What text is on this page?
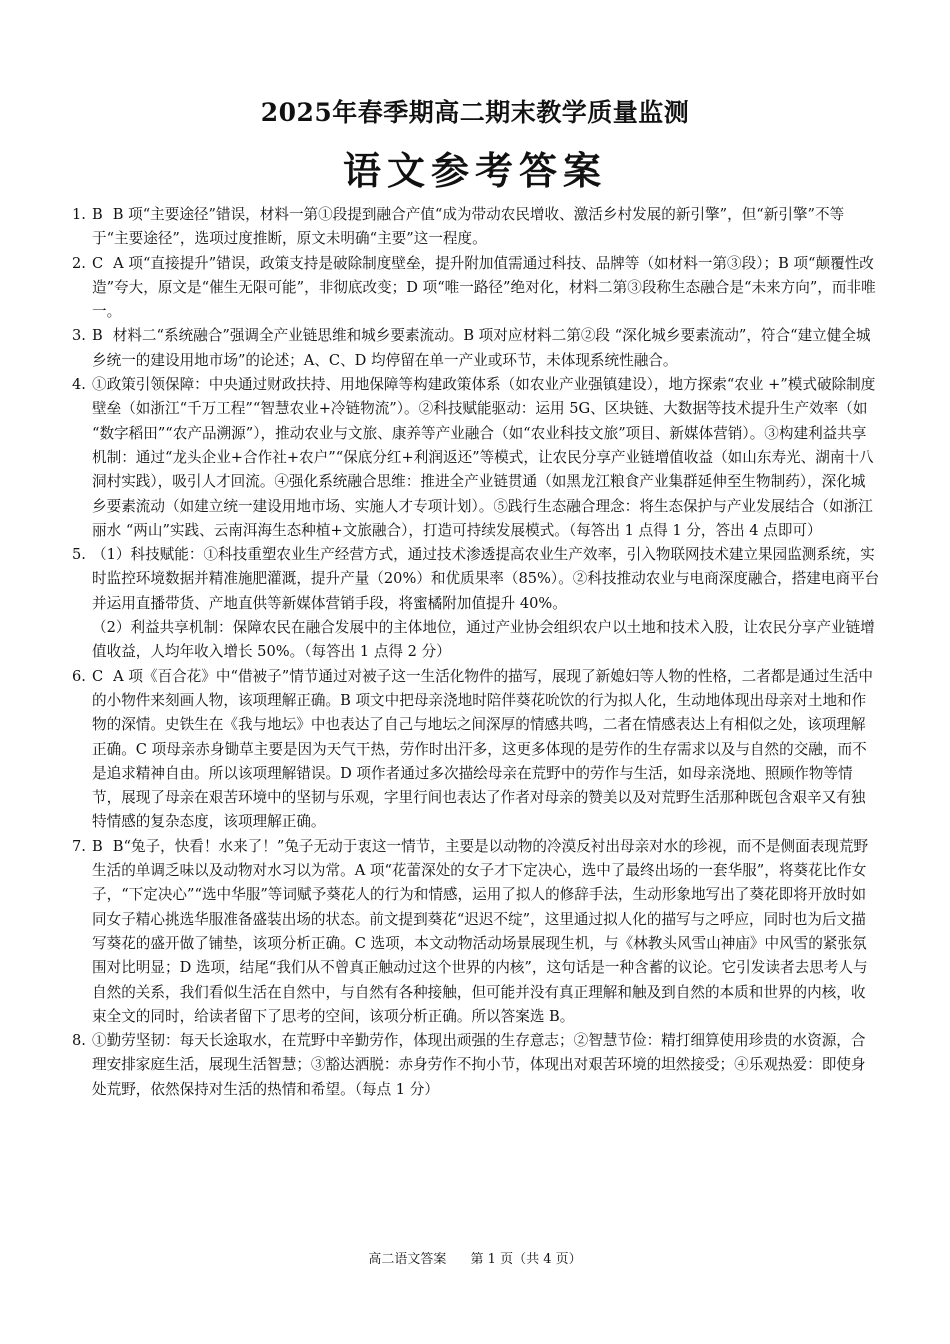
2025年春季期高二期末教学质量监测
语文参考答案

1. B B 项“主要途径”错误，材料一第①段提到融合产值“成为带动农民增收、激活乡村发展的新引擎”，但“新引擎”不等于“主要途径”，选项过度推断，原文未明确“主要”这一程度。

2. C A 项“直接提升”错误，政策支持是破除制度壁垒，提升附加值需通过科技、品牌等（如材料一第③段）；B 项“颠覆性改造”夸大，原文是“催生无限可能”，非彻底改变；D 项“唯一路径”绝对化，材料二第③段称生态融合是“未来方向”，而非唯一。

3. B 材料二“系统融合”强调全产业链思维和城乡要素流动。B 项对应材料二第②段 “深化城乡要素流动”，符合“建立健全城乡统一的建设用地市场”的论述；A、C、D 均停留在单一产业或环节，未体现系统性融合。

4. ①政策引领保障：中央通过财政扶持、用地保障等构建政策体系（如农业产业强镇建设），地方探索“农业 +”模式破除制度壁垒（如浙江“千万工程”“智慧农业+冷链物流”）。②科技赋能驱动：运用 5G、区块链、大数据等技术提升生产效率（如 “数字稻田”“农产品溯源”），推动农业与文旅、康养等产业融合（如“农业科技文旅”项目、新媒体营销）。③构建利益共享机制：通过“龙头企业+合作社+农户”“保底分红+利润返还”等模式，让农民分享产业链增值收益（如山东寿光、湖南十八洞村实践），吸引人才回流。④强化系统融合思维：推进全产业链贯通（如黑龙江粮食产业集群延伸至生物制药），深化城乡要素流动（如建立统一建设用地市场、实施人才专项计划）。⑤践行生态融合理念：将生态保护与产业发展结合（如浙江丽水 “两山”实践、云南洱海生态种植+文旅融合），打造可持续发展模式。（每答出 1 点得 1 分，答出 4 点即可）

5. （1）科技赋能：①科技重塑农业生产经营方式，通过技术渗透提高农业生产效率，引入物联网技术建立果园监测系统，实时监控环境数据并精准施肥灌溉，提升产量（20%）和优质果率（85%）。②科技推动农业与电商深度融合，搭建电商平台并运用直播带货、产地直供等新媒体营销手段，将蜜橘附加值提升 40%。

（2）利益共享机制：保障农民在融合发展中的主体地位，通过产业协会组织农户以土地和技术入股，让农民分享产业链增值收益，人均年收入增长 50%。（每答出 1 点得 2 分）

6. C A 项《百合花》中“借被子”情节通过对被子这一生活化物件的描写，展现了新媳妇等人物的性格，二者都是通过生活中的小物件来刻画人物，该项理解正确。B 项文中把母亲浇地时陪伴葵花吮饮的行为拟人化，生动地体现出母亲对土地和作物的深情。史铁生在《我与地坛》中也表达了自己与地坛之间深厚的情感共鸣，二者在情感表达上有相似之处，该项理解正确。C 项母亲赤身锄草主要是因为天气干热，劳作时出汗多，这更多体现的是劳作的生存需求以及与自然的交融，而不是追求精神自由。所以该项理解错误。D 项作者通过多次描绘母亲在荒野中的劳作与生活，如母亲浇地、照顾作物等情节，展现了母亲在艰苦环境中的坚韧与乐观，字里行间也表达了作者对母亲的赞美以及对荒野生活那种既包含艰辛又有独特情感的复杂态度，该项理解正确。

7. B B“兔子，快看！水来了！”兔子无动于衷这一情节，主要是以动物的冷漠反衬出母亲对水的珍视，而不是侧面表现荒野生活的单调乏味以及动物对水习以为常。A 项“花蕾深处的女子才下定决心，选中了最终出场的一套华服”，将葵花比作女子，“下定决心”“选中华服”等词赋予葵花人的行为和情感，运用了拟人的修辞手法，生动形象地写出了葵花即将开放时如同女子精心挑选华服准备盛装出场的状态。前文提到葵花“迟迟不绽”，这里通过拟人化的描写与之呼应，同时也为后文描写葵花的盛开做了铺垫，该项分析正确。C 选项，本文动物活动场景展现生机，与《林教头风雪山神庙》中风雪的紧张氛围对比明显；D 选项，结尾“我们从不曾真正触动过这个世界的内核”，这句话是一种含蓄的议论。它引发读者去思考人与自然的关系，我们看似生活在自然中，与自然有各种接触，但可能并没有真正理解和触及到自然的本质和世界的内核，收束全文的同时，给读者留下了思考的空间，该项分析正确。所以答案选 B。

8. ①勤劳坚韧：每天长途取水，在荒野中辛勤劳作，体现出顽强的生存意志；②智慧节俭：精打细算使用珍贵的水资源，合理安排家庭生活，展现生活智慧；③豁达洒脱：赤身劳作不拘小节，体现出对艰苦环境的坦然接受；④乐观热爱：即使身处荒野，依然保持对生活的热情和希望。（每点 1 分）

高二语文答案 第 1 页（共 4 页）
